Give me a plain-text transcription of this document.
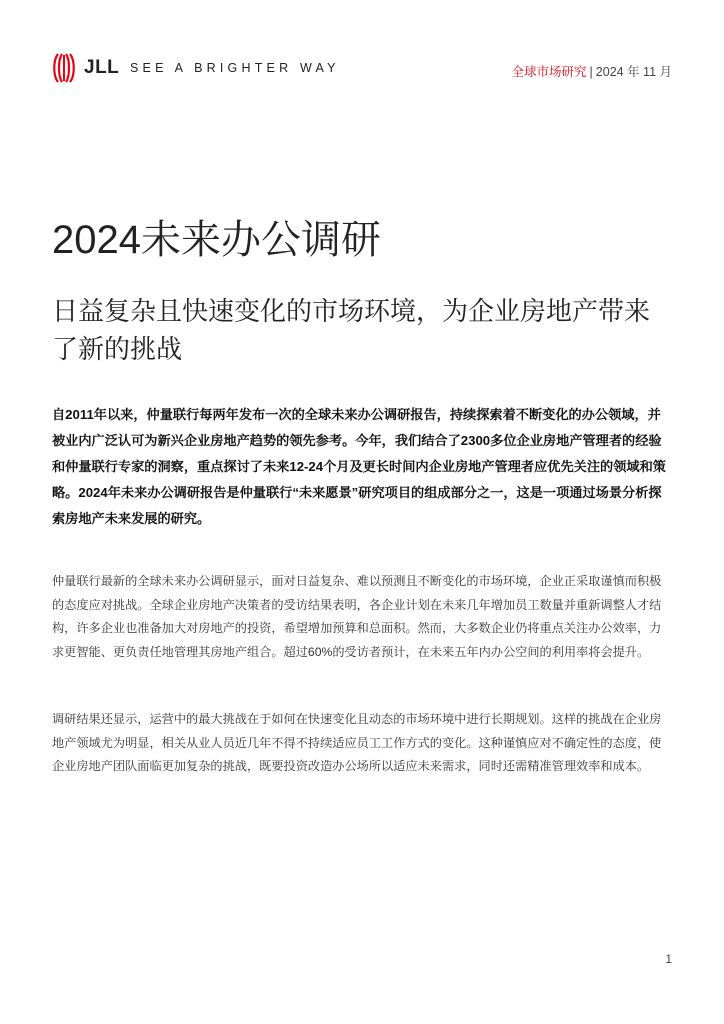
JLL SEE A BRIGHTER WAY	全球市场研究 | 2024 年 11 月
2024未来办公调研
日益复杂且快速变化的市场环境，为企业房地产带来了新的挑战

自2011年以来，仲量联行每两年发布一次的全球未来办公调研报告，持续探索着不断变化的办公领域，并被业内广泛认可为新兴企业房地产趋势的领先参考。今年，我们结合了2300多位企业房地产管理者的经验和仲量联行专家的洞察，重点探讨了未来12-24个月及更长时间内企业房地产管理者应优先关注的领域和策略。2024年未来办公调研报告是仲量联行“未来愿景”研究项目的组成部分之一，这是一项通过场景分析探索房地产未来发展的研究。

仲量联行最新的全球未来办公调研显示，面对日益复杂、难以预测且不断变化的市场环境，企业正采取谨慎而积极的态度应对挑战。全球企业房地产决策者的受访结果表明，各企业计划在未来几年增加员工数量并重新调整人才结构，许多企业也准备加大对房地产的投资，希望增加预算和总面积。然而，大多数企业仍将重点关注办公效率，力求更智能、更负责任地管理其房地产组合。超过60%的受访者预计，在未来五年内办公空间的利用率将会提升。

调研结果还显示，运营中的最大挑战在于如何在快速变化且动态的市场环境中进行长期规划。这样的挑战在企业房地产领域尤为明显，相关从业人员近几年不得不持续适应员工工作方式的变化。这种谨慎应对不确定性的态度，使企业房地产团队面临更加复杂的挑战，既要投资改造办公场所以适应未来需求，同时还需精准管理效率和成本。

1
